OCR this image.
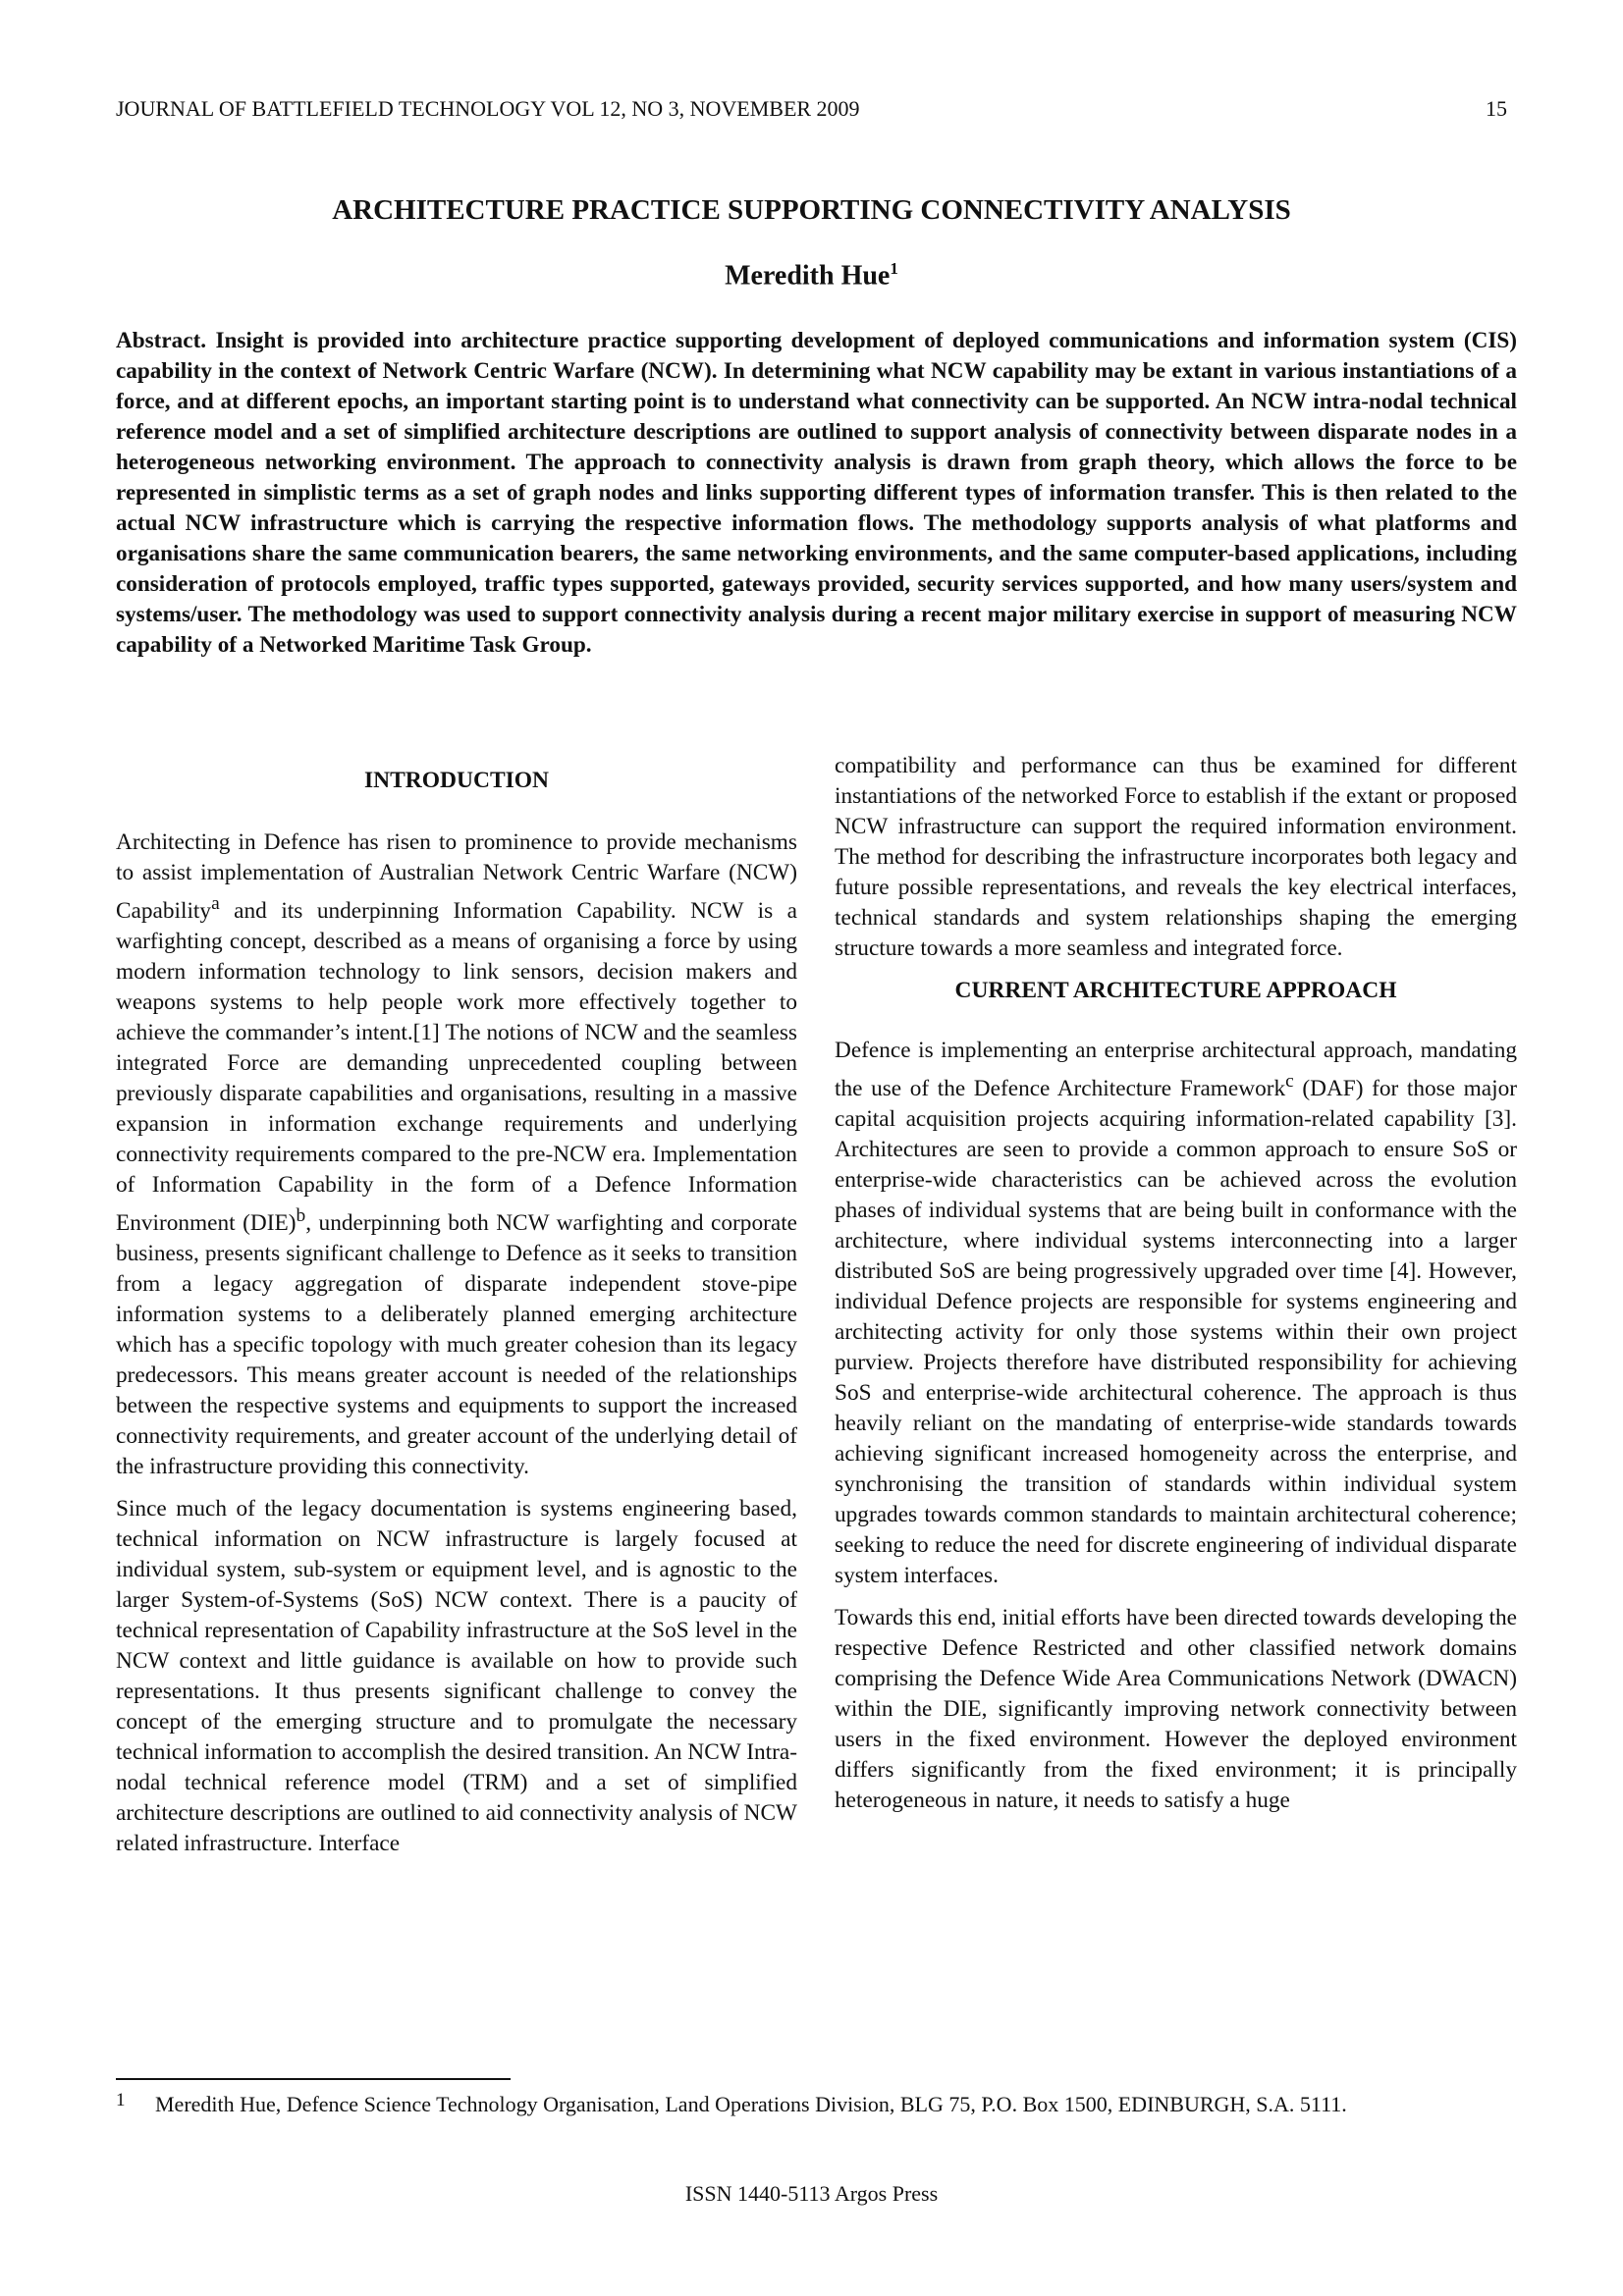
JOURNAL OF BATTLEFIELD TECHNOLOGY VOL 12, NO 3, NOVEMBER 2009	15
ARCHITECTURE PRACTICE SUPPORTING CONNECTIVITY ANALYSIS
Meredith Hue$^1$
Abstract. Insight is provided into architecture practice supporting development of deployed communications and information system (CIS) capability in the context of Network Centric Warfare (NCW). In determining what NCW capability may be extant in various instantiations of a force, and at different epochs, an important starting point is to understand what connectivity can be supported. An NCW intra-nodal technical reference model and a set of simplified architecture descriptions are outlined to support analysis of connectivity between disparate nodes in a heterogeneous networking environment. The approach to connectivity analysis is drawn from graph theory, which allows the force to be represented in simplistic terms as a set of graph nodes and links supporting different types of information transfer. This is then related to the actual NCW infrastructure which is carrying the respective information flows. The methodology supports analysis of what platforms and organisations share the same communication bearers, the same networking environments, and the same computer-based applications, including consideration of protocols employed, traffic types supported, gateways provided, security services supported, and how many users/system and systems/user. The methodology was used to support connectivity analysis during a recent major military exercise in support of measuring NCW capability of a Networked Maritime Task Group.
INTRODUCTION

Architecting in Defence has risen to prominence to provide mechanisms to assist implementation of Australian Network Centric Warfare (NCW) Capability$^a$ and its underpinning Information Capability. NCW is a warfighting concept, described as a means of organising a force by using modern information technology to link sensors, decision makers and weapons systems to help people work more effectively together to achieve the commander’s intent.[1] The notions of NCW and the seamless integrated Force are demanding unprecedented coupling between previously disparate capabilities and organisations, resulting in a massive expansion in information exchange requirements and underlying connectivity requirements compared to the pre-NCW era. Implementation of Information Capability in the form of a Defence Information Environment (DIE)$^b$, underpinning both NCW warfighting and corporate business, presents significant challenge to Defence as it seeks to transition from a legacy aggregation of disparate independent stove-pipe information systems to a deliberately planned emerging architecture which has a specific topology with much greater cohesion than its legacy predecessors. This means greater account is needed of the relationships between the respective systems and equipments to support the increased connectivity requirements, and greater account of the underlying detail of the infrastructure providing this connectivity.

Since much of the legacy documentation is systems engineering based, technical information on NCW infrastructure is largely focused at individual system, sub-system or equipment level, and is agnostic to the larger System-of-Systems (SoS) NCW context. There is a paucity of technical representation of Capability infrastructure at the SoS level in the NCW context and little guidance is available on how to provide such representations. It thus presents significant challenge to convey the concept of the emerging structure and to promulgate the necessary technical information to accomplish the desired transition. An NCW Intra-nodal technical reference model (TRM) and a set of simplified architecture descriptions are outlined to aid connectivity analysis of NCW related infrastructure. Interface

compatibility and performance can thus be examined for different instantiations of the networked Force to establish if the extant or proposed NCW infrastructure can support the required information environment. The method for describing the infrastructure incorporates both legacy and future possible representations, and reveals the key electrical interfaces, technical standards and system relationships shaping the emerging structure towards a more seamless and integrated force.

CURRENT ARCHITECTURE APPROACH

Defence is implementing an enterprise architectural approach, mandating the use of the Defence Architecture Framework$^c$ (DAF) for those major capital acquisition projects acquiring information-related capability [3]. Architectures are seen to provide a common approach to ensure SoS or enterprise-wide characteristics can be achieved across the evolution phases of individual systems that are being built in conformance with the architecture, where individual systems interconnecting into a larger distributed SoS are being progressively upgraded over time [4]. However, individual Defence projects are responsible for systems engineering and architecting activity for only those systems within their own project purview. Projects therefore have distributed responsibility for achieving SoS and enterprise-wide architectural coherence. The approach is thus heavily reliant on the mandating of enterprise-wide standards towards achieving significant increased homogeneity across the enterprise, and synchronising the transition of standards within individual system upgrades towards common standards to maintain architectural coherence; seeking to reduce the need for discrete engineering of individual disparate system interfaces.

Towards this end, initial efforts have been directed towards developing the respective Defence Restricted and other classified network domains comprising the Defence Wide Area Communications Network (DWACN) within the DIE, significantly improving network connectivity between users in the fixed environment. However the deployed environment differs significantly from the fixed environment; it is principally heterogeneous in nature, it needs to satisfy a huge

1 Meredith Hue, Defence Science Technology Organisation, Land Operations Division, BLG 75, P.O. Box 1500, EDINBURGH, S.A. 5111.
ISSN 1440-5113 Argos Press
